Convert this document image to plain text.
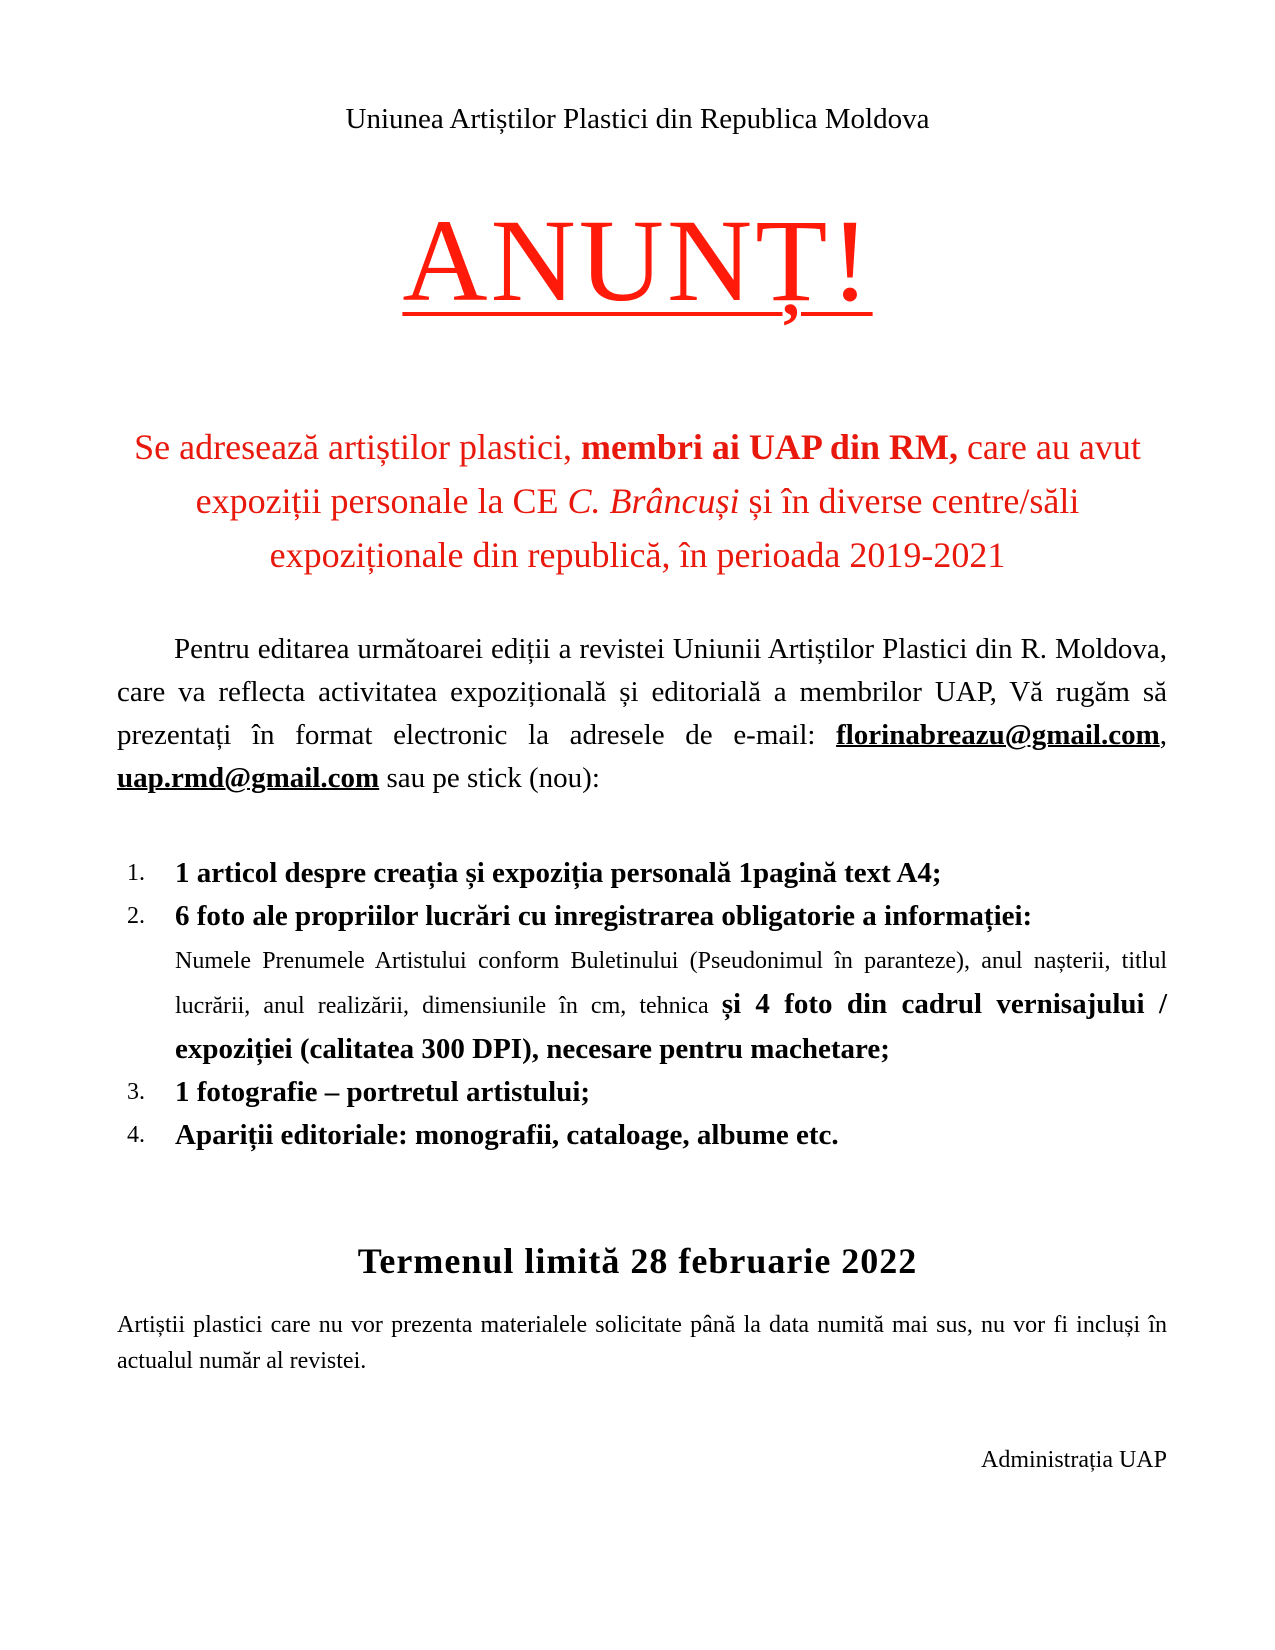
Uniunea Artiștilor Plastici din Republica Moldova
ANUNȚ!
Se adresează artiștilor plastici, membri ai UAP din RM, care au avut expoziții personale la CE C. Brâncuși și în diverse centre/săli expoziționale din republică, în perioada 2019-2021
Pentru editarea următoarei ediții a revistei Uniunii Artiștilor Plastici din R. Moldova, care va reflecta activitatea expozițională și editorială a membrilor UAP, Vă rugăm să prezentați în format electronic la adresele de e-mail: florinabreazu@gmail.com, uap.rmd@gmail.com sau pe stick (nou):
1. 1 articol despre creația și expoziția personală 1pagină text A4;
2. 6 foto ale propriilor lucrări cu inregistrarea obligatorie a informației:
Numele Prenumele Artistului conform Buletinului (Pseudonimul în paranteze), anul nașterii, titlul lucrării, anul realizării, dimensiunile în cm, tehnica și 4 foto din cadrul vernisajului / expoziției (calitatea 300 DPI), necesare pentru machetare;
3. 1 fotografie – portretul artistului;
4. Apariții editoriale: monografii, cataloage, albume etc.
Termenul limită 28 februarie 2022
Artiștii plastici care nu vor prezenta materialele solicitate până la data numită mai sus, nu vor fi incluși în actualul număr al revistei.
Administrația UAP
